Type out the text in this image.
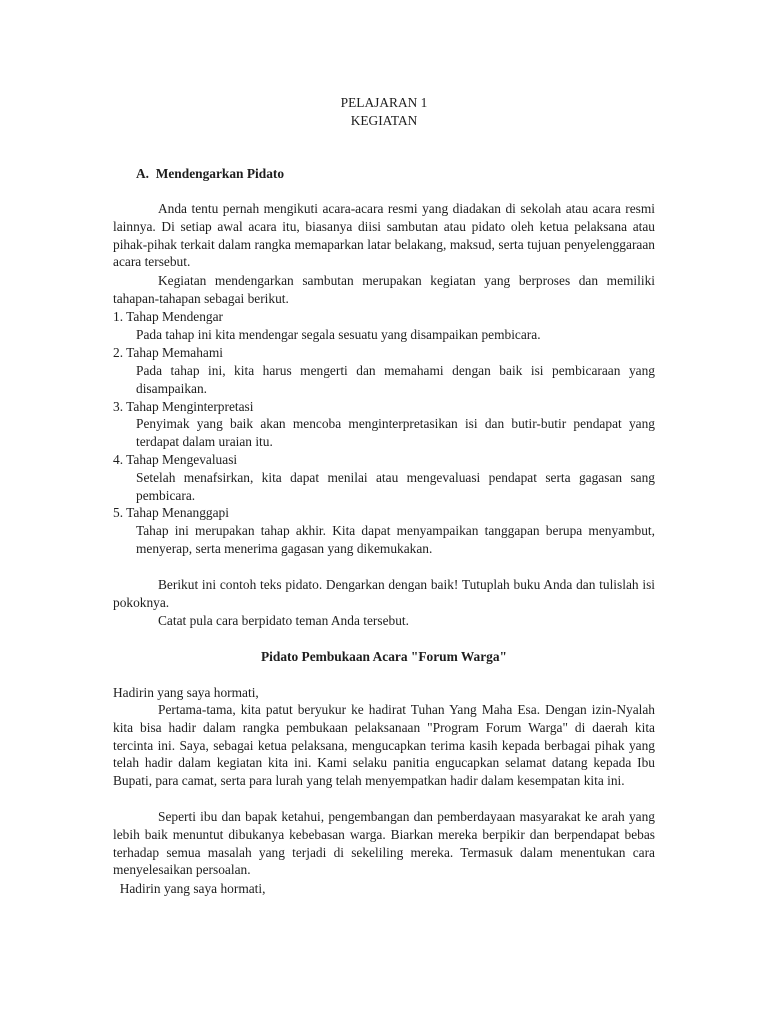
PELAJARAN 1

KEGIATAN

A.  Mendengarkan Pidato

Anda tentu pernah mengikuti acara-acara resmi yang diadakan di sekolah atau acara resmi lainnya. Di setiap awal acara itu, biasanya diisi sambutan atau pidato oleh ketua pelaksana atau pihak-pihak terkait dalam rangka memaparkan latar belakang, maksud, serta tujuan penyelenggaraan acara tersebut.

Kegiatan mendengarkan sambutan merupakan kegiatan yang berproses dan memiliki tahapan-tahapan sebagai berikut.

1. Tahap Mendengar

Pada tahap ini kita mendengar segala sesuatu yang disampaikan pembicara.

2. Tahap Memahami

Pada tahap ini, kita harus mengerti dan memahami dengan baik isi pembicaraan yang disampaikan.

3. Tahap Menginterpretasi

Penyimak yang baik akan mencoba menginterpretasikan isi dan butir-butir pendapat yang terdapat dalam uraian itu.

4. Tahap Mengevaluasi

Setelah menafsirkan, kita dapat menilai atau mengevaluasi pendapat serta gagasan sang pembicara.

5. Tahap Menanggapi

Tahap ini merupakan tahap akhir. Kita dapat menyampaikan tanggapan berupa menyambut, menyerap, serta menerima gagasan yang dikemukakan.

Berikut ini contoh teks pidato. Dengarkan dengan baik! Tutuplah buku Anda dan tulislah isi pokoknya.

Catat pula cara berpidato teman Anda tersebut.

Pidato Pembukaan Acara "Forum Warga"

Hadirin yang saya hormati,

Pertama-tama, kita patut beryukur ke hadirat Tuhan Yang Maha Esa. Dengan izin-Nyalah kita bisa hadir dalam rangka pembukaan pelaksanaan "Program Forum Warga" di daerah kita tercinta ini. Saya, sebagai ketua pelaksana, mengucapkan terima kasih kepada berbagai pihak yang telah hadir dalam kegiatan kita ini. Kami selaku panitia engucapkan selamat datang kepada Ibu Bupati, para camat, serta para lurah yang telah menyempatkan hadir dalam kesempatan kita ini.

Seperti ibu dan bapak ketahui, pengembangan dan pemberdayaan masyarakat ke arah yang lebih baik menuntut dibukanya kebebasan warga. Biarkan mereka berpikir dan berpendapat bebas terhadap semua masalah yang terjadi di sekeliling mereka. Termasuk dalam menentukan cara menyelesaikan persoalan.

Hadirin yang saya hormati,
